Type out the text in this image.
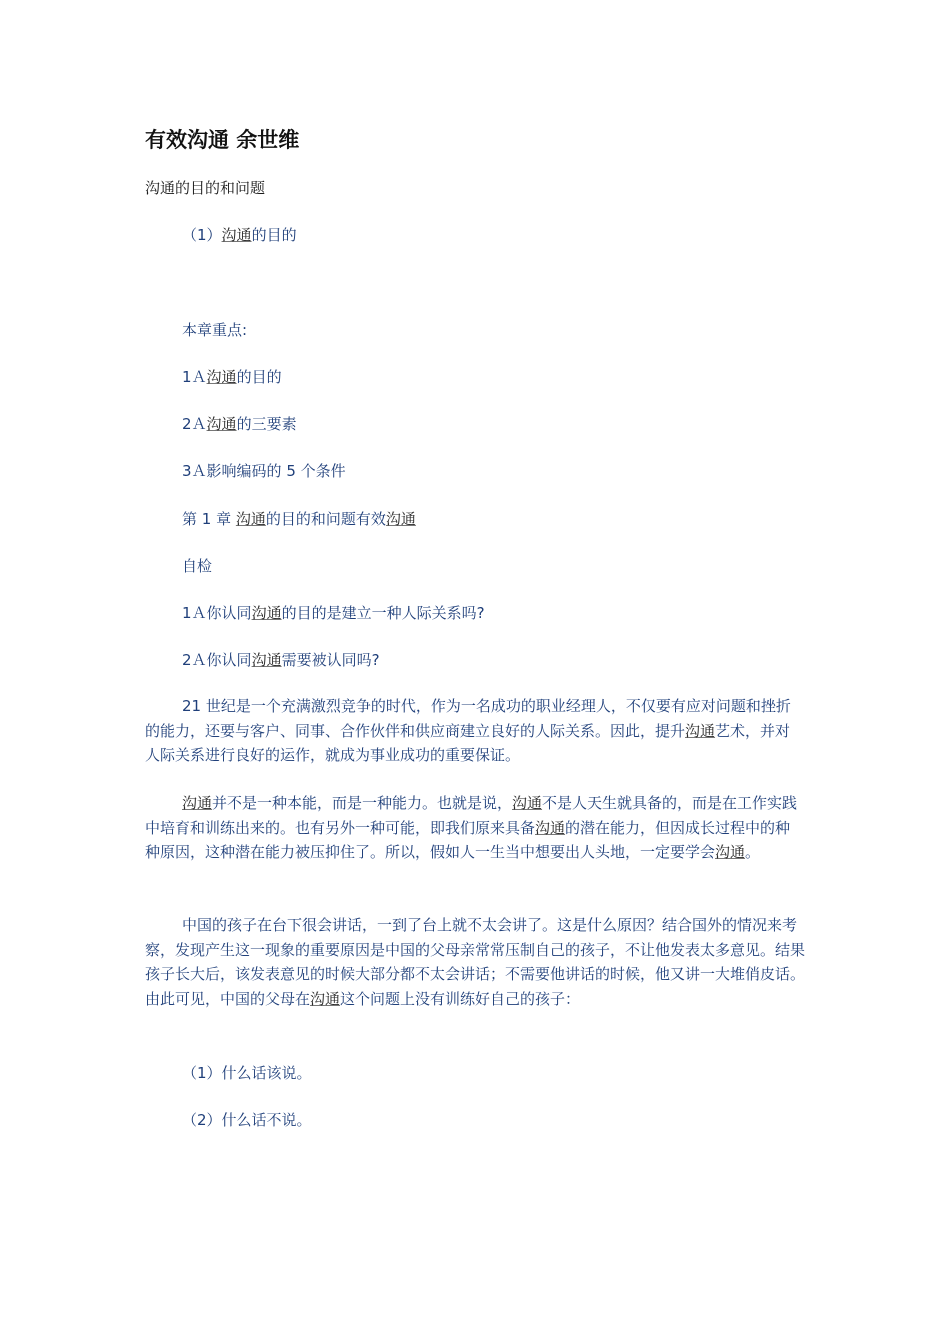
有效沟通 余世维
沟通的目的和问题
（1）沟通的目的
本章重点:
1Ａ沟通的目的
2Ａ沟通的三要素
3Ａ影响编码的 5 个条件
第 1 章 沟通的目的和问题有效沟通
自检
1Ａ你认同沟通的目的是建立一种人际关系吗?
2Ａ你认同沟通需要被认同吗?

21 世纪是一个充满激烈竞争的时代，作为一名成功的职业经理人，不仅要有应对问题和挫折的能力，还要与客户、同事、合作伙伴和供应商建立良好的人际关系。因此，提升沟通艺术，并对人际关系进行良好的运作，就成为事业成功的重要保证。

沟通并不是一种本能，而是一种能力。也就是说，沟通不是人天生就具备的，而是在工作实践中培育和训练出来的。也有另外一种可能，即我们原来具备沟通的潜在能力，但因成长过程中的种种原因，这种潜在能力被压抑住了。所以，假如人一生当中想要出人头地，一定要学会沟通。

中国的孩子在台下很会讲话，一到了台上就不太会讲了。这是什么原因？结合国外的情况来考察，发现产生这一现象的重要原因是中国的父母亲常常压制自己的孩子，不让他发表太多意见。结果孩子长大后，该发表意见的时候大部分都不太会讲话；不需要他讲话的时候，他又讲一大堆俏皮话。由此可见，中国的父母在沟通这个问题上没有训练好自己的孩子：

（1）什么话该说。
（2）什么话不说。
